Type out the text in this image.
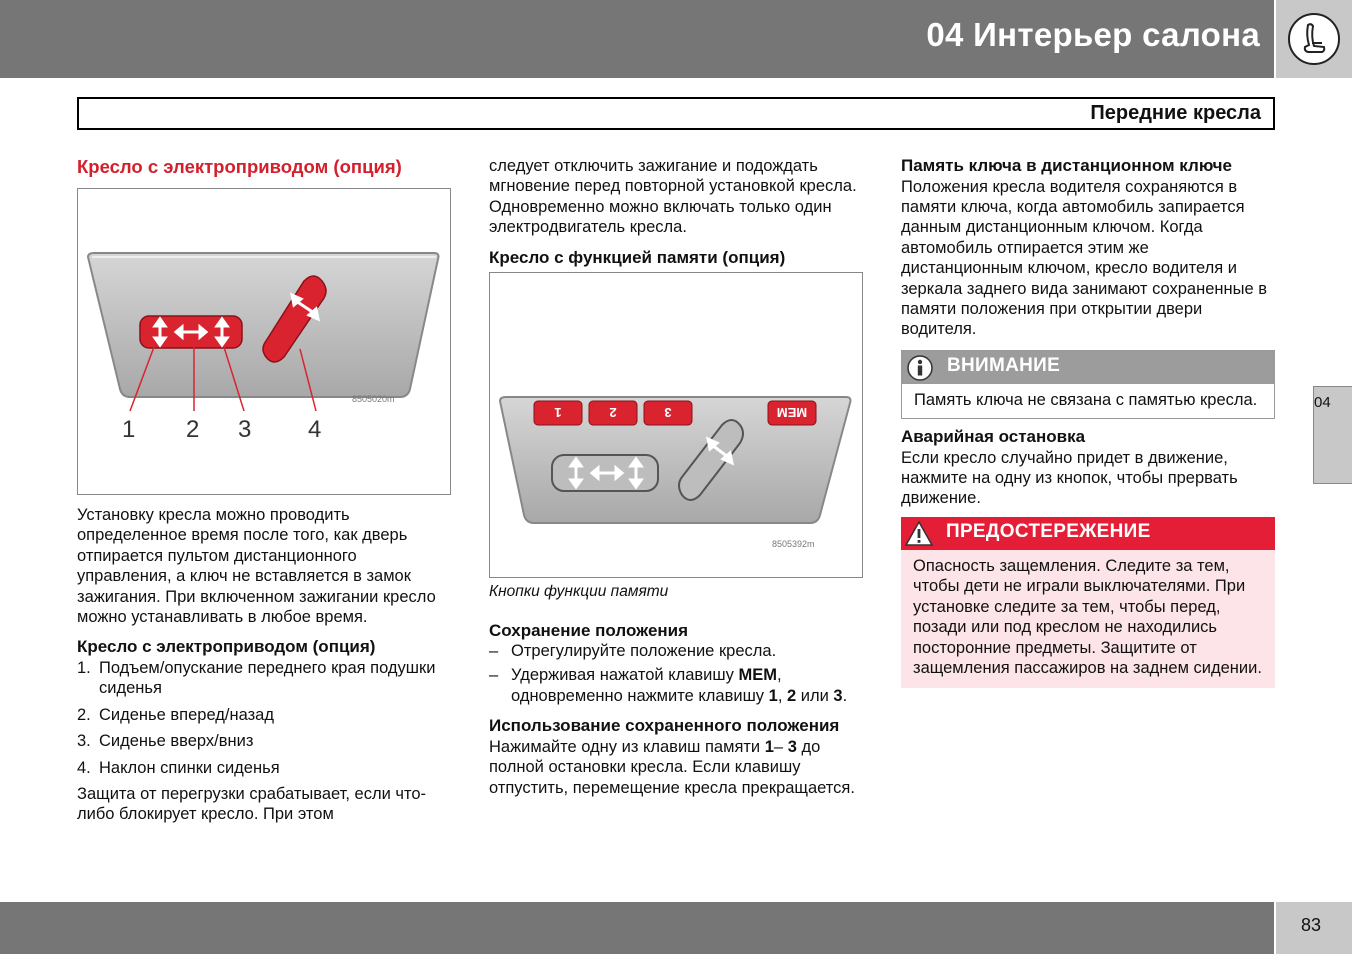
04 Интерьер салона
Передние кресла
Кресло с электроприводом (опция)
8505020m
1 2 3 4

Установку кресла можно проводить определенное время после того, как дверь отпирается пультом дистанционного управления, а ключ не вставляется в замок зажигания. При включенном зажигании кресло можно устанавливать в любое время.

Кресло с электроприводом (опция)
1. Подъем/опускание переднего края подушки сиденья
2. Сиденье вперед/назад
3. Сиденье вверх/вниз
4. Наклон спинки сиденья

Защита от перегрузки срабатывает, если что-либо блокирует кресло. При этом

следует отключить зажигание и подождать мгновение перед повторной установкой кресла. Одновременно можно включать только один электродвигатель кресла.

Кресло с функцией памяти (опция)
1	2	3	MEM
8505392m
Кнопки функции памяти
Сохранение положения
– Отрегулируйте положение кресла.
– Удерживая нажатой клавишу MEM, одновременно нажмите клавишу 1, 2 или 3.
Использование сохраненного положения

Нажимайте одну из клавиш памяти 1– 3 до полной остановки кресла. Если клавишу отпустить, перемещение кресла прекращается.

Память ключа в дистанционном ключе

Положения кресла водителя сохраняются в памяти ключа, когда автомобиль запирается данным дистанционным ключом. Когда автомобиль отпирается этим же дистанционным ключом, кресло водителя и зеркала заднего вида занимают сохраненные в памяти положения при открытии двери водителя.

ВНИМАНИЕ
Память ключа не связана с памятью кресла.
Аварийная остановка

Если кресло случайно придет в движение, нажмите на одну из кнопок, чтобы прервать движение.

ПРЕДОСТЕРЕЖЕНИЕ
Опасность защемления. Следите за тем, чтобы дети не играли выключателями. При установке следите за тем, чтобы перед, позади или под креслом не находились посторонние предметы. Защитите от защемления пассажиров на заднем сидении.
04
83
